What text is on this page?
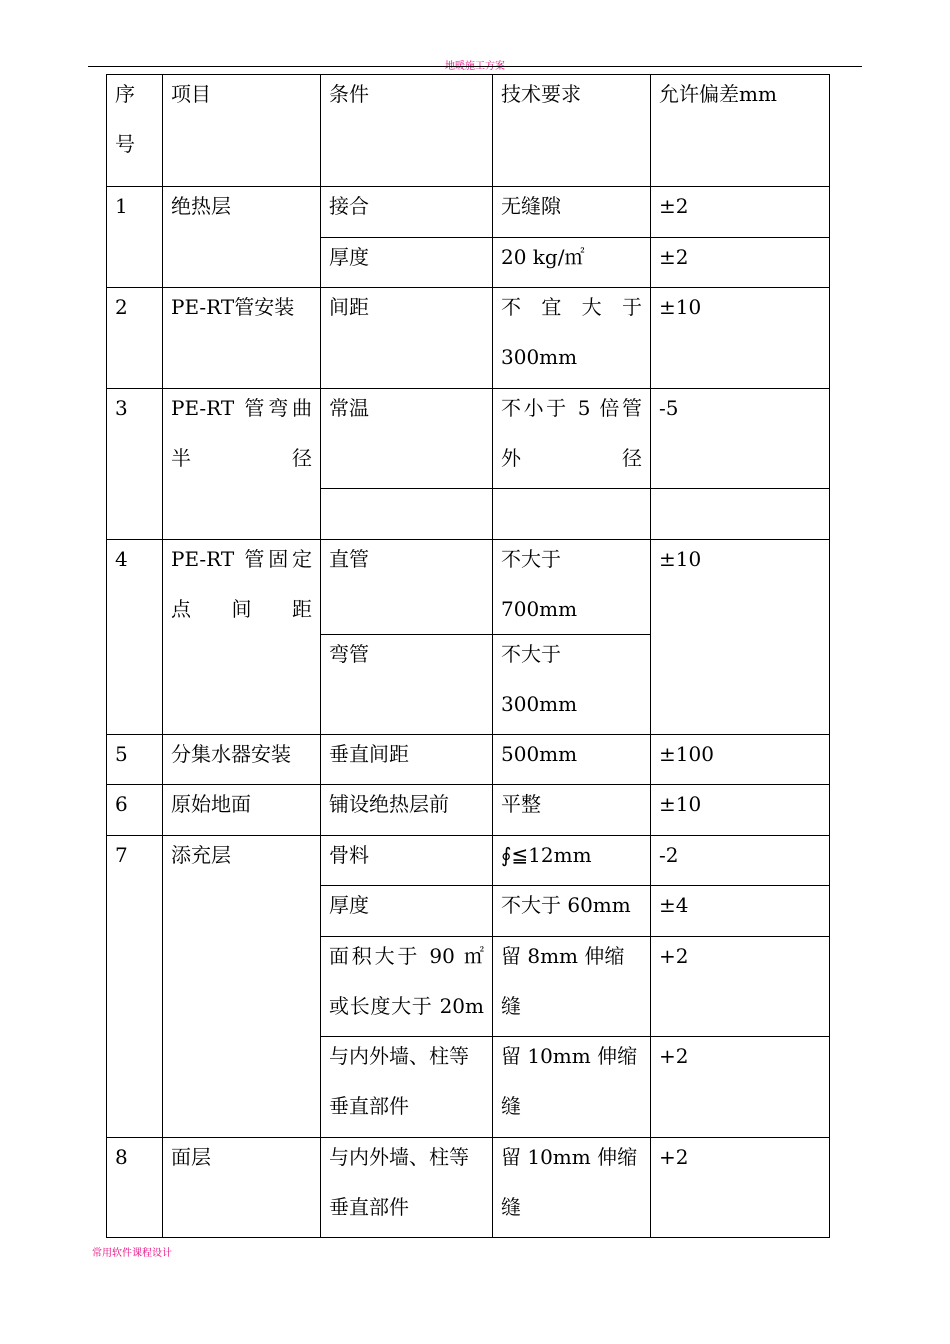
地暖施工方案
序号	项目	条件	技术要求	允许偏差mm

1	绝热层	接合	无缝隙	±2

		厚度	20 kg/㎡	±2

2	PE-RT管安装	间距	不 宜 大 于 300mm	±10

3	PE-RT 管弯曲半径	常温	不小于 5 倍管外径	-5

4	PE-RT 管固定点间距	直管	不大于 700mm	±10

		弯管	不大于 300mm	

5	分集水器安装	垂直间距	500mm	±100

6	原始地面	铺设绝热层前	平整	±10

7	添充层	骨料	∮≦12mm	-2

		厚度	不大于 60mm	±4

		面积大于 90 ㎡或长度大于 20m	留 8mm 伸缩缝	+2

		与内外墙、柱等垂直部件	留 10mm 伸缩缝	+2

8	面层	与内外墙、柱等垂直部件	留 10mm 伸缩缝	+2
常用软件课程设计
